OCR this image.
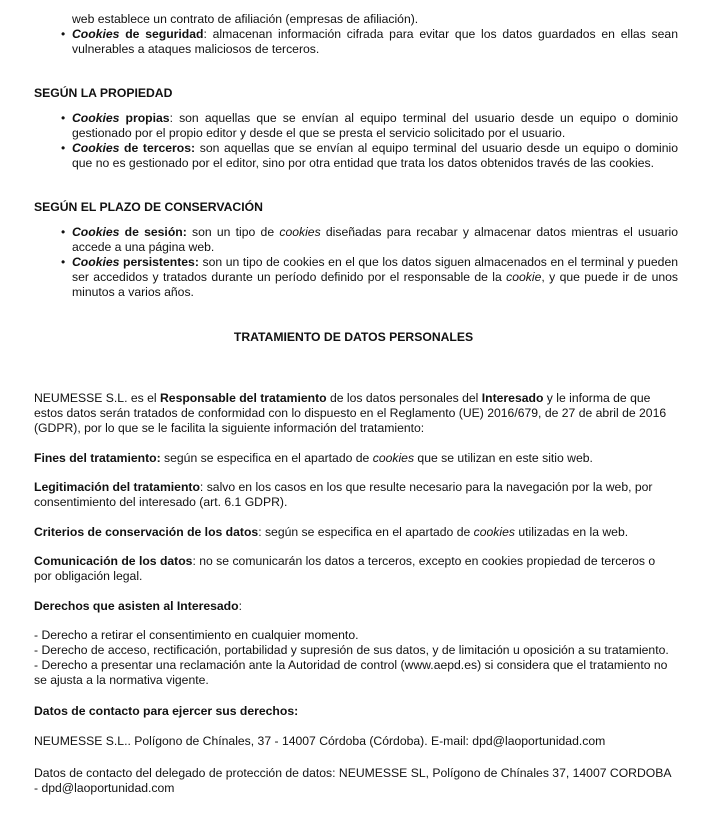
web establece un contrato de afiliación (empresas de afiliación).

• Cookies de seguridad: almacenan información cifrada para evitar que los datos guardados en ellas sean vulnerables a ataques maliciosos de terceros.

SEGÚN LA PROPIEDAD

• Cookies propias: son aquellas que se envían al equipo terminal del usuario desde un equipo o dominio gestionado por el propio editor y desde el que se presta el servicio solicitado por el usuario.

• Cookies de terceros: son aquellas que se envían al equipo terminal del usuario desde un equipo o dominio que no es gestionado por el editor, sino por otra entidad que trata los datos obtenidos través de las cookies.

SEGÚN EL PLAZO DE CONSERVACIÓN

• Cookies de sesión: son un tipo de cookies diseñadas para recabar y almacenar datos mientras el usuario accede a una página web.

• Cookies persistentes: son un tipo de cookies en el que los datos siguen almacenados en el terminal y pueden ser accedidos y tratados durante un período definido por el responsable de la cookie, y que puede ir de unos minutos a varios años.

TRATAMIENTO DE DATOS PERSONALES

NEUMESSE S.L. es el Responsable del tratamiento de los datos personales del Interesado y le informa de que estos datos serán tratados de conformidad con lo dispuesto en el Reglamento (UE) 2016/679, de 27 de abril de 2016 (GDPR), por lo que se le facilita la siguiente información del tratamiento:

Fines del tratamiento: según se especifica en el apartado de cookies que se utilizan en este sitio web.

Legitimación del tratamiento: salvo en los casos en los que resulte necesario para la navegación por la web, por consentimiento del interesado (art. 6.1 GDPR).

Criterios de conservación de los datos: según se especifica en el apartado de cookies utilizadas en la web.

Comunicación de los datos: no se comunicarán los datos a terceros, excepto en cookies propiedad de terceros o por obligación legal.

Derechos que asisten al Interesado:

- Derecho a retirar el consentimiento en cualquier momento.
- Derecho de acceso, rectificación, portabilidad y supresión de sus datos, y de limitación u oposición a su tratamiento.
- Derecho a presentar una reclamación ante la Autoridad de control (www.aepd.es) si considera que el tratamiento no se ajusta a la normativa vigente.

Datos de contacto para ejercer sus derechos:

NEUMESSE S.L.. Polígono de Chínales, 37 - 14007 Córdoba (Córdoba). E-mail: dpd@laoportunidad.com

Datos de contacto del delegado de protección de datos: NEUMESSE SL, Polígono de Chínales 37, 14007 CORDOBA - dpd@laoportunidad.com
